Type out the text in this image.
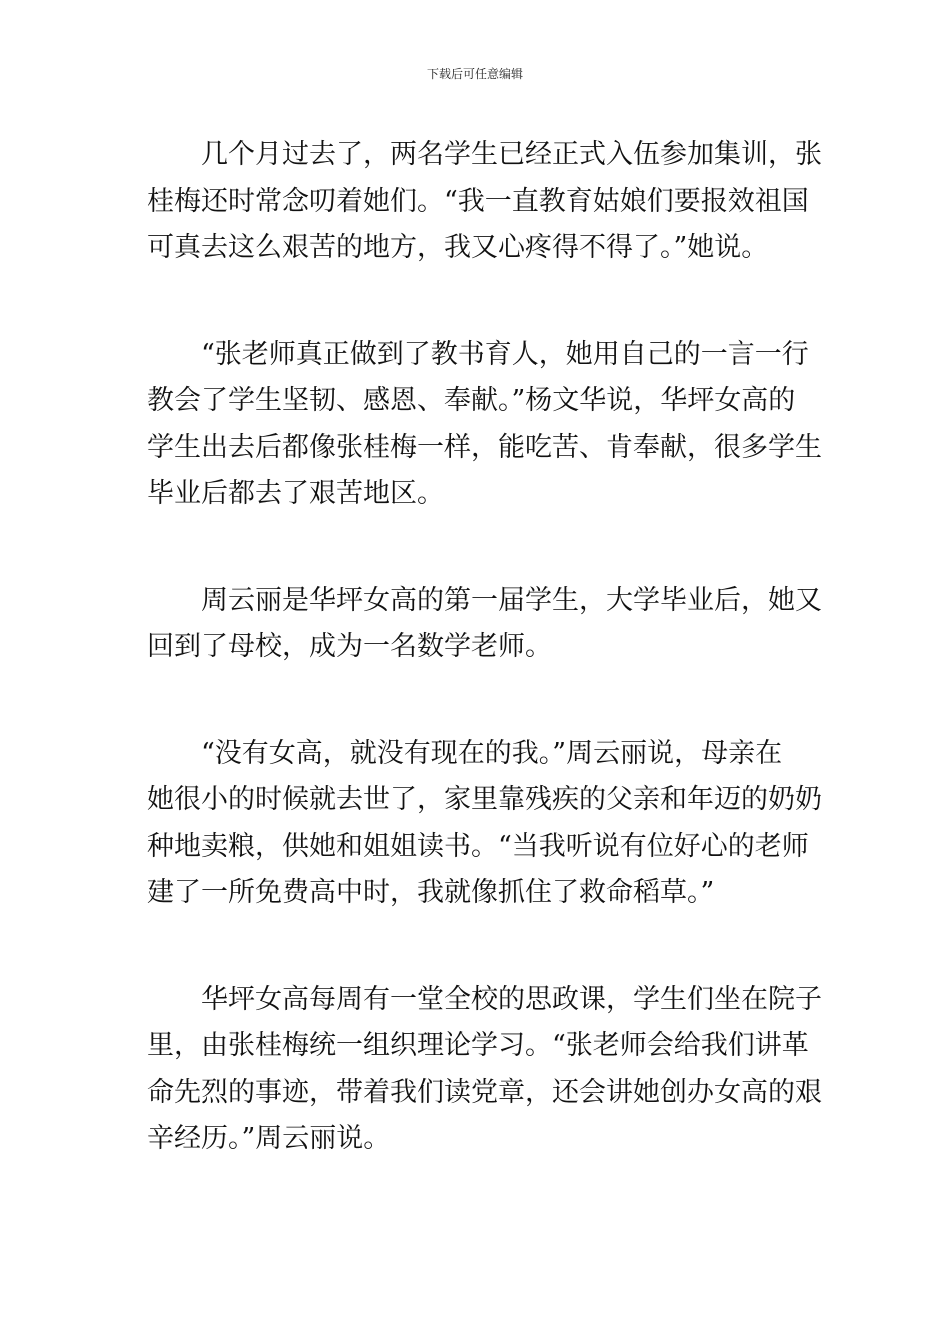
下载后可任意编辑

几个月过去了，两名学生已经正式入伍参加集训，张
桂梅还时常念叨着她们。“我一直教育姑娘们要报效祖国
可真去这么艰苦的地方，我又心疼得不得了。”她说。

“张老师真正做到了教书育人，她用自己的一言一行
教会了学生坚韧、感恩、奉献。”杨文华说，华坪女高的
学生出去后都像张桂梅一样，能吃苦、肯奉献，很多学生
毕业后都去了艰苦地区。

周云丽是华坪女高的第一届学生，大学毕业后，她又
回到了母校，成为一名数学老师。

“没有女高，就没有现在的我。”周云丽说，母亲在
她很小的时候就去世了，家里靠残疾的父亲和年迈的奶奶
种地卖粮，供她和姐姐读书。“当我听说有位好心的老师
建了一所免费高中时，我就像抓住了救命稻草。”

华坪女高每周有一堂全校的思政课，学生们坐在院子
里，由张桂梅统一组织理论学习。“张老师会给我们讲革
命先烈的事迹，带着我们读党章，还会讲她创办女高的艰
辛经历。”周云丽说。
